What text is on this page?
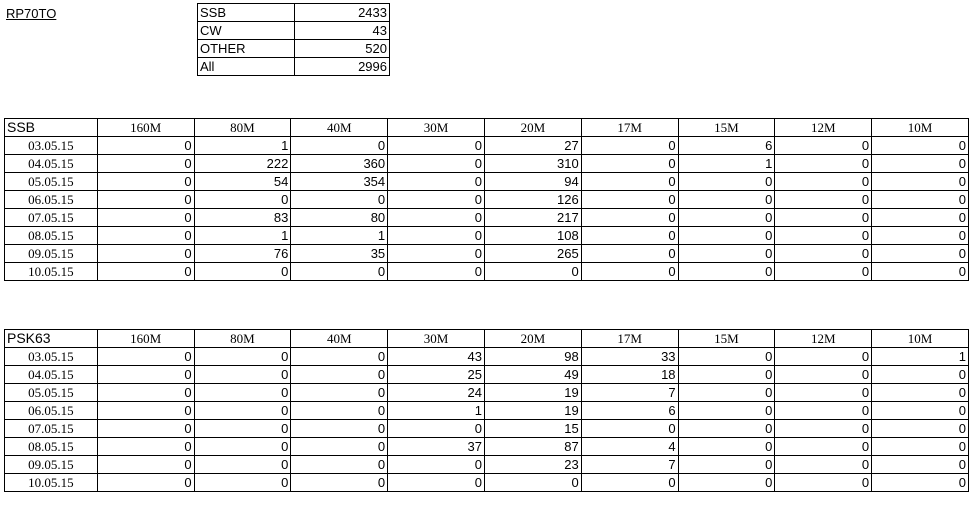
RP70TO	SSB	2433
CW	43
OTHER	520
All	2996
SSB	160M	80M	40M	30M	20M	17M	15M	12M	10M
03.05.15	0	1	0	0	27	0	6	0	0
04.05.15	0	222	360	0	310	0	1	0	0
05.05.15	0	54	354	0	94	0	0	0	0
06.05.15	0	0	0	0	126	0	0	0	0
07.05.15	0	83	80	0	217	0	0	0	0
08.05.15	0	1	1	0	108	0	0	0	0
09.05.15	0	76	35	0	265	0	0	0	0
10.05.15	0	0	0	0	0	0	0	0	0
PSK63	160M	80M	40M	30M	20M	17M	15M	12M	10M
03.05.15	0	0	0	43	98	33	0	0	1
04.05.15	0	0	0	25	49	18	0	0	0
05.05.15	0	0	0	24	19	7	0	0	0
06.05.15	0	0	0	1	19	6	0	0	0
07.05.15	0	0	0	0	15	0	0	0	0
08.05.15	0	0	0	37	87	4	0	0	0
09.05.15	0	0	0	0	23	7	0	0	0
10.05.15	0	0	0	0	0	0	0	0	0
